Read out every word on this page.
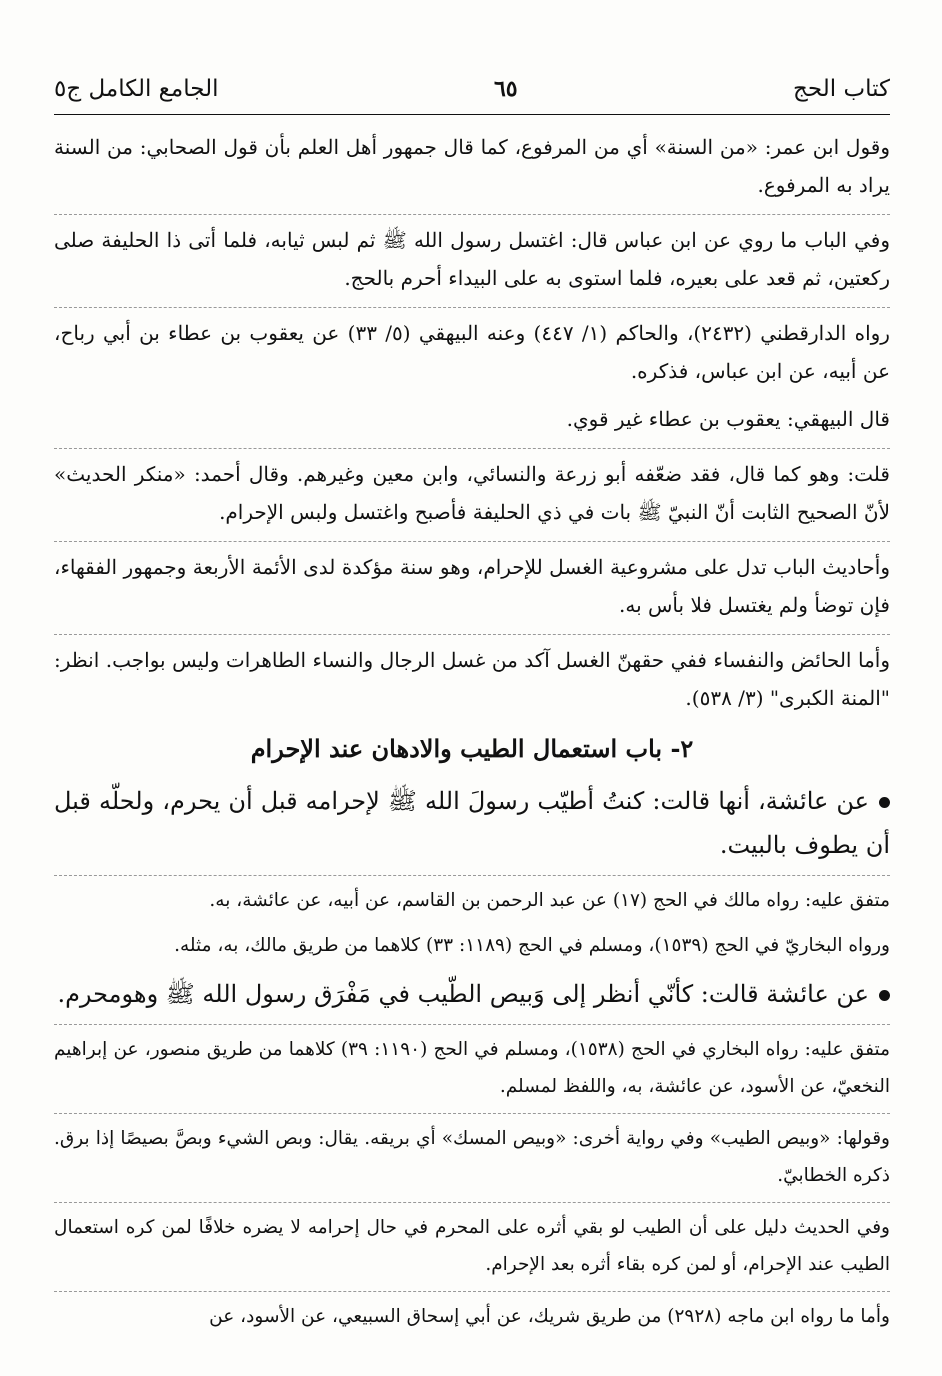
كتاب الحج
٦٥
الجامع الكامل ج٥

وقول ابن عمر: «من السنة» أي من المرفوع، كما قال جمهور أهل العلم بأن قول الصحابي: من السنة يراد به المرفوع.

وفي الباب ما روي عن ابن عباس قال: اغتسل رسول الله ﷺ ثم لبس ثيابه، فلما أتى ذا الحليفة صلى ركعتين، ثم قعد على بعيره، فلما استوى به على البيداء أحرم بالحج.

رواه الدارقطني (٢٤٣٢)، والحاكم (١/ ٤٤٧) وعنه البيهقي (٥/ ٣٣) عن يعقوب بن عطاء بن أبي رباح، عن أبيه، عن ابن عباس، فذكره.

قال البيهقي: يعقوب بن عطاء غير قوي.

قلت: وهو كما قال، فقد ضعّفه أبو زرعة والنسائي، وابن معين وغيرهم. وقال أحمد: «منكر الحديث» لأنّ الصحيح الثابت أنّ النبيّ ﷺ بات في ذي الحليفة فأصبح واغتسل ولبس الإحرام.

وأحاديث الباب تدل على مشروعية الغسل للإحرام، وهو سنة مؤكدة لدى الأئمة الأربعة وجمهور الفقهاء، فإن توضأ ولم يغتسل فلا بأس به.

وأما الحائض والنفساء ففي حقهنّ الغسل آكد من غسل الرجال والنساء الطاهرات وليس بواجب. انظر: "المنة الكبرى" (٣/ ٥٣٨).

٢- باب استعمال الطيب والادهان عند الإحرام

عن عائشة، أنها قالت: كنتُ أطيّب رسولَ الله ﷺ لإحرامه قبل أن يحرم، ولحلّه قبل أن يطوف بالبيت.

متفق عليه: رواه مالك في الحج (١٧) عن عبد الرحمن بن القاسم، عن أبيه، عن عائشة، به.

ورواه البخاريّ في الحج (١٥٣٩)، ومسلم في الحج (١١٨٩: ٣٣) كلاهما من طريق مالك، به، مثله.

عن عائشة قالت: كأنّي أنظر إلى وَبيص الطّيب في مَفْرَق رسول الله ﷺ وهومحرم.

متفق عليه: رواه البخاري في الحج (١٥٣٨)، ومسلم في الحج (١١٩٠: ٣٩) كلاهما من طريق منصور، عن إبراهيم النخعيّ، عن الأسود، عن عائشة، به، واللفظ لمسلم.

وقولها: «وبيص الطيب» وفي رواية أخرى: «وبيص المسك» أي بريقه. يقال: وبص الشيء وبصَّ بصيصًا إذا برق. ذكره الخطابيّ.

وفي الحديث دليل على أن الطيب لو بقي أثره على المحرم في حال إحرامه لا يضره خلافًا لمن كره استعمال الطيب عند الإحرام، أو لمن كره بقاء أثره بعد الإحرام.

وأما ما رواه ابن ماجه (٢٩٢٨) من طريق شريك، عن أبي إسحاق السبيعي، عن الأسود، عن
